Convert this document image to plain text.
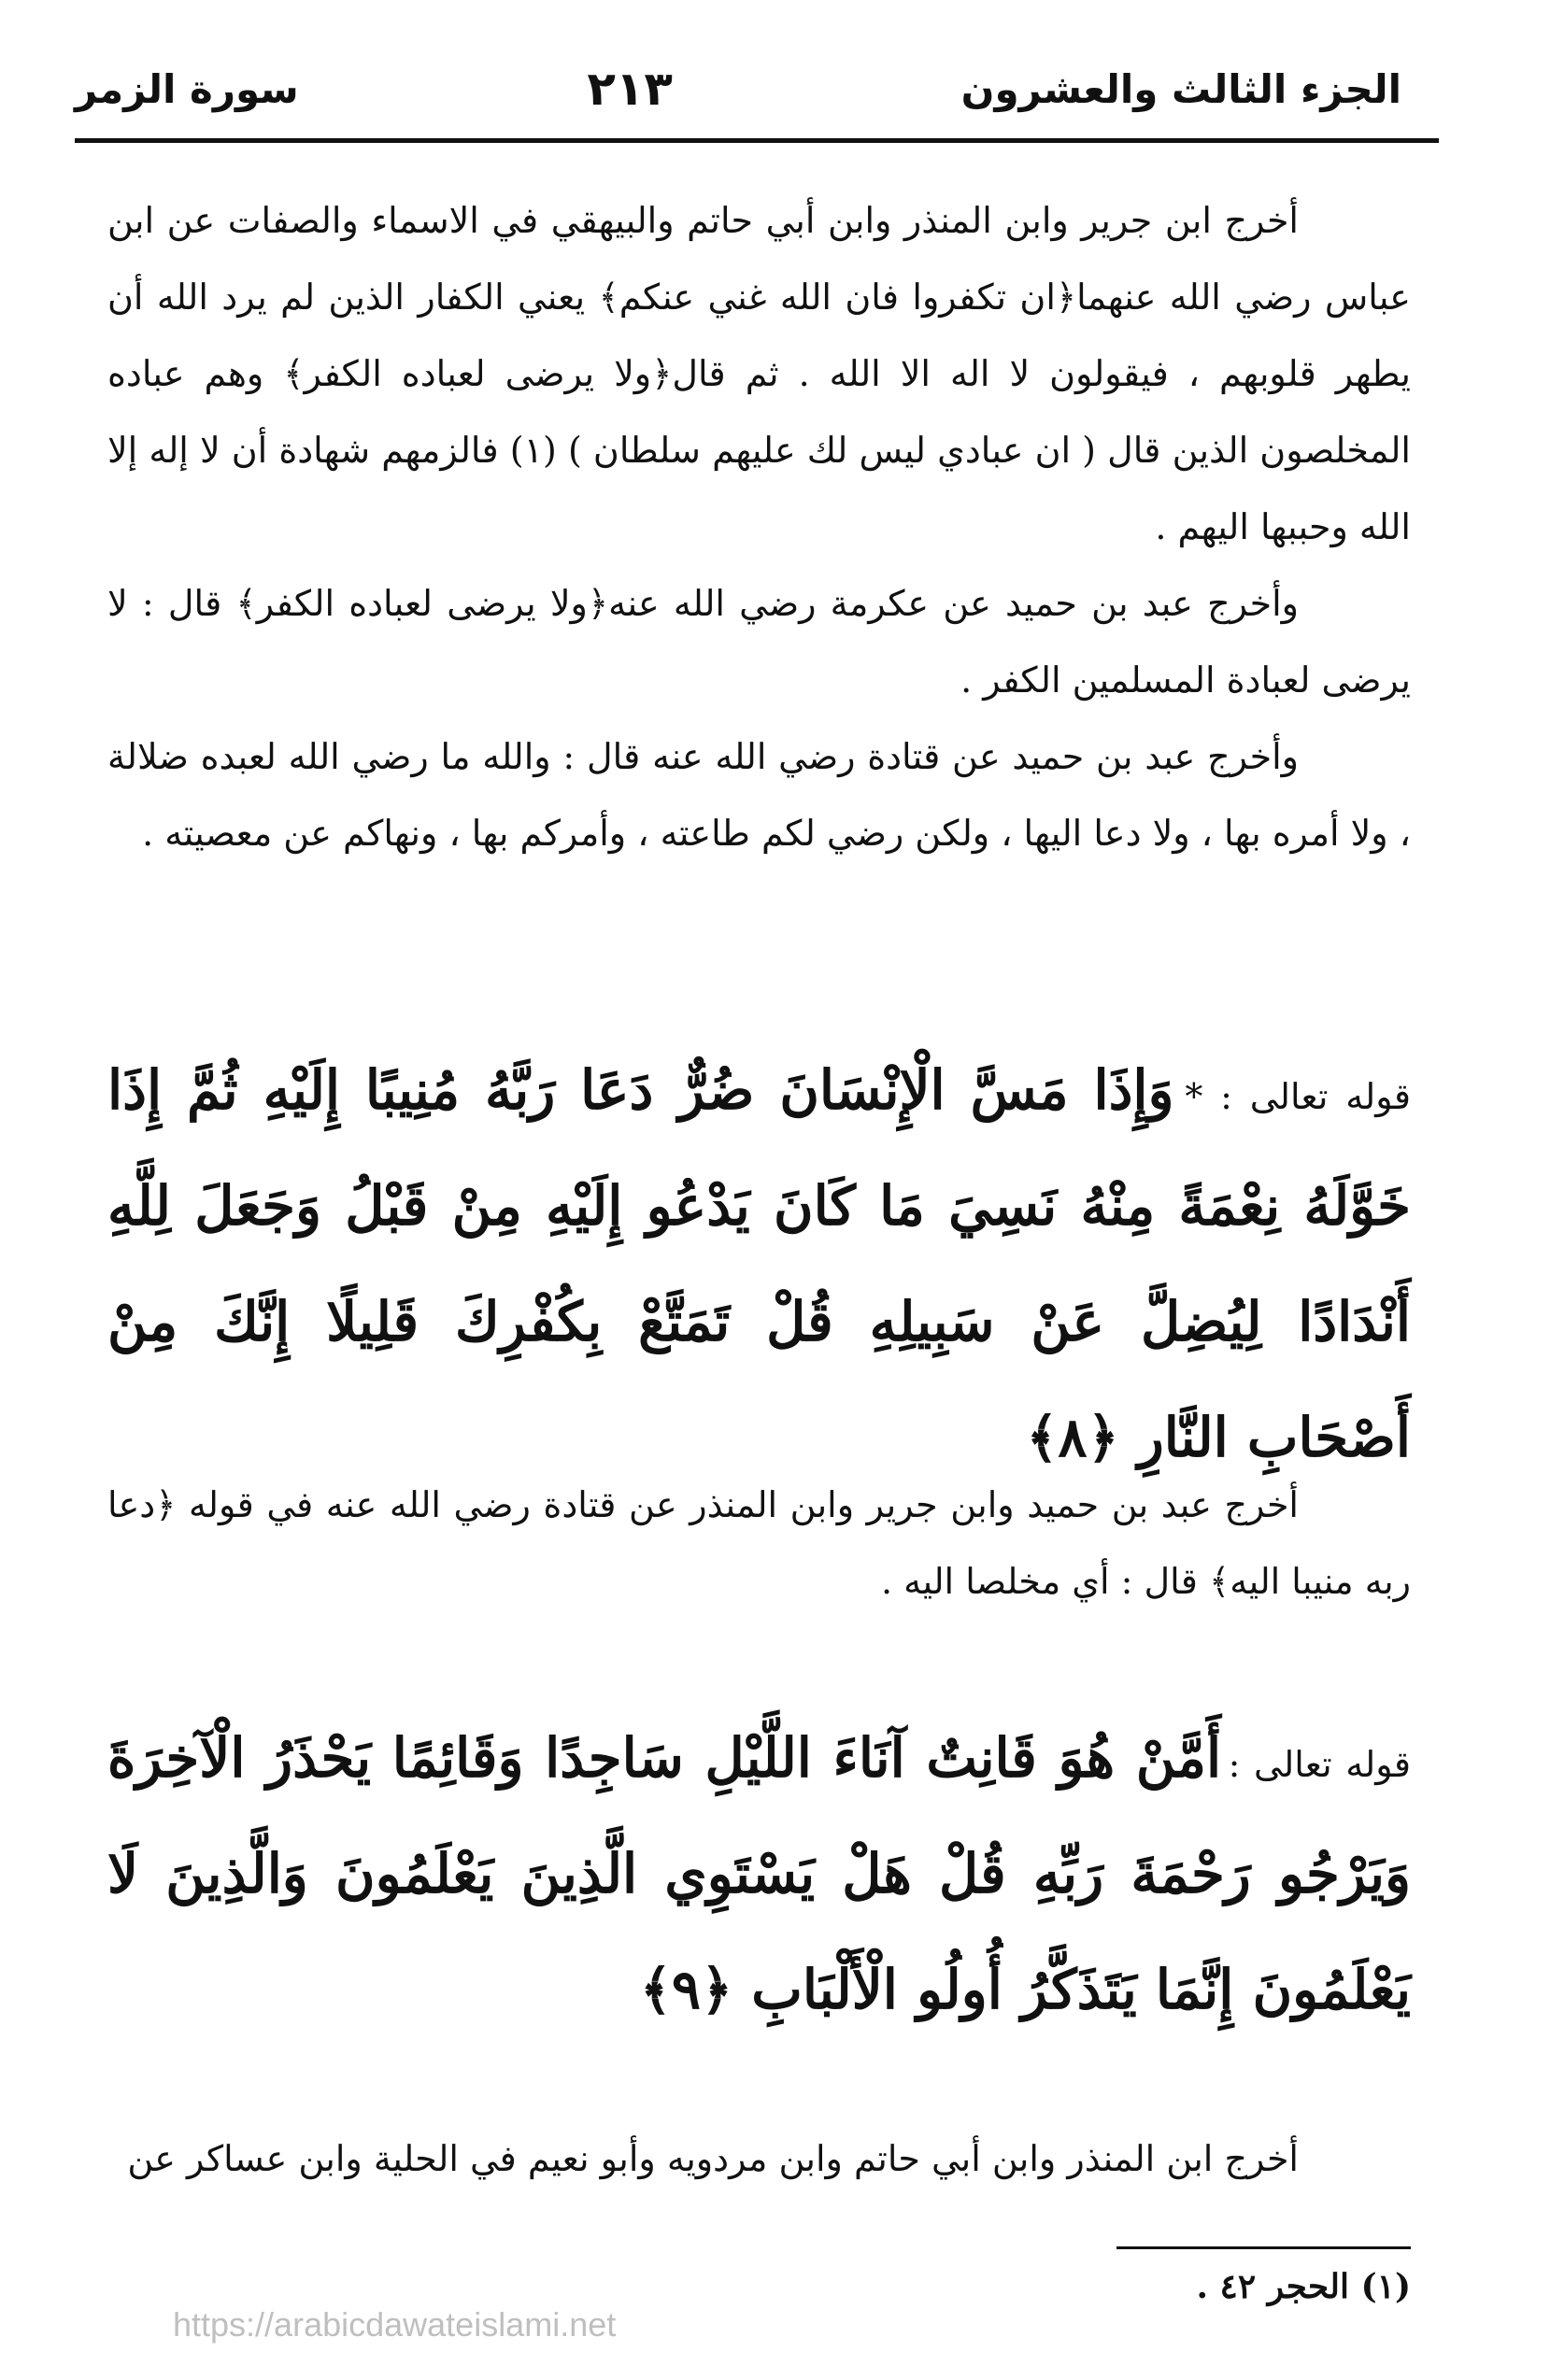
الجزء الثالث والعشرون
٢١٣
سورة الزمر

أخرج ابن جرير وابن المنذر وابن أبي حاتم والبيهقي في الاسماء والصفات عن ابن عباس رضي الله عنهما﴿ان تكفروا فان الله غني عنكم﴾ يعني الكفار الذين لم يرد الله أن يطهر قلوبهم ، فيقولون لا اله الا الله . ثم قال﴿ولا يرضى لعباده الكفر﴾ وهم عباده المخلصون الذين قال ( ان عبادي ليس لك عليهم سلطان ) (١) فالزمهم شهادة أن لا إله إلا الله وحببها اليهم .

وأخرج عبد بن حميد عن عكرمة رضي الله عنه﴿ولا يرضى لعباده الكفر﴾ قال : لا يرضى لعبادة المسلمين الكفر .

وأخرج عبد بن حميد عن قتادة رضي الله عنه قال : والله ما رضي الله لعبده ضلالة ، ولا أمره بها ، ولا دعا اليها ، ولكن رضي لكم طاعته ، وأمركم بها ، ونهاكم عن معصيته .

قوله تعالى : * وَإِذَا مَسَّ الْإِنْسَانَ ضُرٌّ دَعَا رَبَّهُ مُنِيبًا إِلَيْهِ ثُمَّ إِذَا خَوَّلَهُ نِعْمَةً مِنْهُ نَسِيَ مَا كَانَ يَدْعُو إِلَيْهِ مِنْ قَبْلُ وَجَعَلَ لِلَّهِ أَنْدَادًا لِيُضِلَّ عَنْ سَبِيلِهِ قُلْ تَمَتَّعْ بِكُفْرِكَ قَلِيلًا إِنَّكَ مِنْ أَصْحَابِ النَّارِ ﴿٨﴾

أخرج عبد بن حميد وابن جرير وابن المنذر عن قتادة رضي الله عنه في قوله ﴿دعا ربه منيبا اليه﴾ قال : أي مخلصا اليه .

قوله تعالى : أَمَّنْ هُوَ قَانِتٌ آنَاءَ اللَّيْلِ سَاجِدًا وَقَائِمًا يَحْذَرُ الْآخِرَةَ وَيَرْجُو رَحْمَةَ رَبِّهِ قُلْ هَلْ يَسْتَوِي الَّذِينَ يَعْلَمُونَ وَالَّذِينَ لَا يَعْلَمُونَ إِنَّمَا يَتَذَكَّرُ أُولُو الْأَلْبَابِ ﴿٩﴾

أخرج ابن المنذر وابن أبي حاتم وابن مردويه وأبو نعيم في الحلية وابن عساكر عن

(١) الحجر ٤٢ .
https://arabicdawateislami.net
